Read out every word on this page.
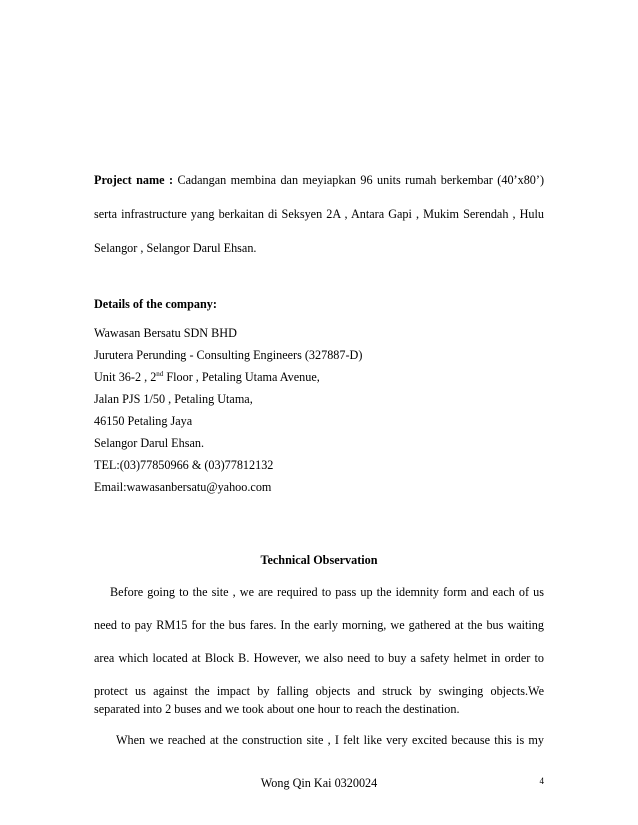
Project name : Cadangan membina dan meyiapkan 96 units rumah berkembar (40’x80’)
serta infrastructure yang berkaitan di Seksyen 2A , Antara Gapi , Mukim Serendah , Hulu
Selangor , Selangor Darul Ehsan.
Details of the company:
Wawasan Bersatu SDN BHD
Jurutera Perunding - Consulting Engineers (327887-D)
Unit 36-2 , 2nd Floor , Petaling Utama Avenue,
Jalan PJS 1/50 , Petaling Utama,
46150 Petaling Jaya
Selangor Darul Ehsan.
TEL:(03)77850966 & (03)77812132
Email:wawasanbersatu@yahoo.com
Technical Observation
Before going to the site , we are required to pass up the idemnity form and each of us
need to pay RM15 for the bus fares. In the early morning, we gathered at the bus waiting
area which located at Block B. However, we also need to buy a safety helmet in order to
protect us against the impact by falling objects and struck by swinging objects.We
separated into 2 buses and we took about one hour to reach the destination.
When we reached at the construction site , I felt like very excited because this is my
Wong Qin Kai 0320024	4
